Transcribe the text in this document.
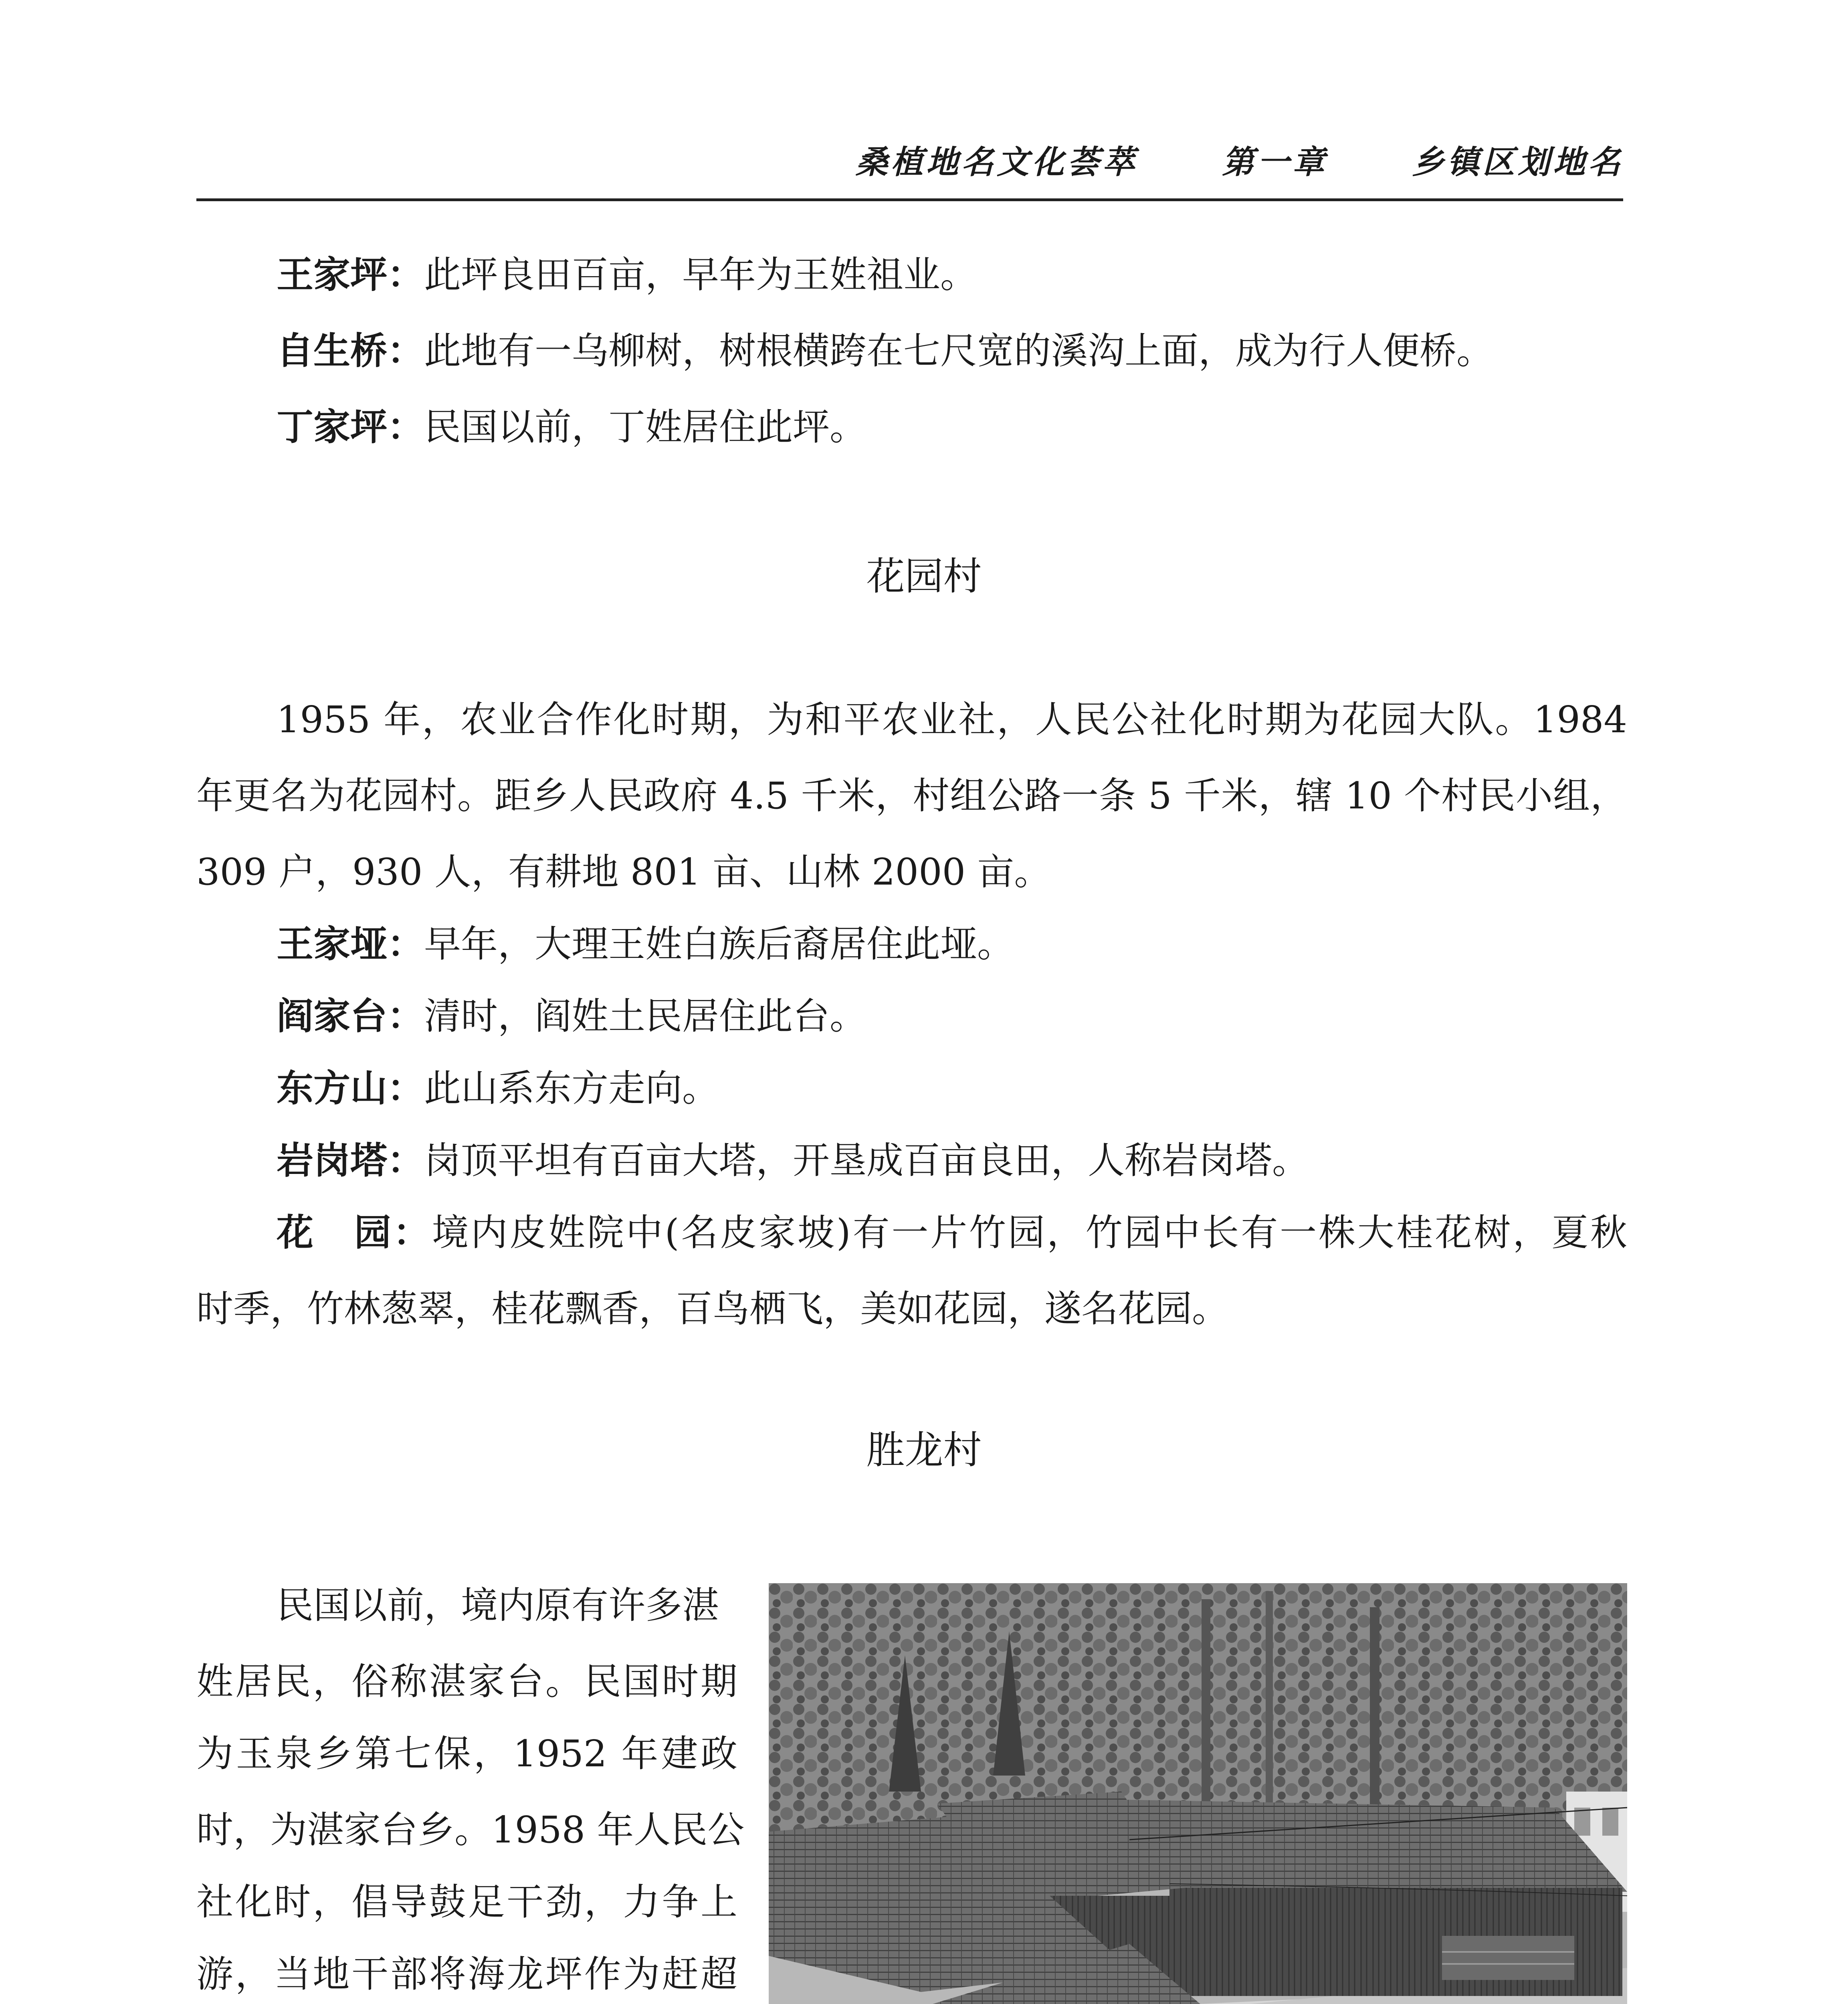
桑植地名文化荟萃	第一章	乡镇区划地名
王家坪：此坪良田百亩，早年为王姓祖业。
自生桥：此地有一乌柳树，树根横跨在七尺宽的溪沟上面，成为行人便桥。
丁家坪：民国以前，丁姓居住此坪。
花园村
1955 年，农业合作化时期，为和平农业社，人民公社化时期为花园大队。1984
年更名为花园村。距乡人民政府 4.5 千米，村组公路一条 5 千米，辖 10 个村民小组，
309 户，930 人，有耕地 801 亩、山林 2000 亩。
王家垭：早年，大理王姓白族后裔居住此垭。
阎家台：清时，阎姓土民居住此台。
东方山：此山系东方走向。
岩岗塔：岗顶平坦有百亩大塔，开垦成百亩良田，人称岩岗塔。
花　园：境内皮姓院中(名皮家坡)有一片竹园，竹园中长有一株大桂花树，夏秋
时季，竹林葱翠，桂花飘香，百鸟栖飞，美如花园，遂名花园。
胜龙村
民国以前，境内原有许多湛
姓居民，俗称湛家台。民国时期
为玉泉乡第七保，1952 年建政
时，为湛家台乡。1958 年人民公
社化时，倡导鼓足干劲，力争上
游，当地干部将海龙坪作为赶超
